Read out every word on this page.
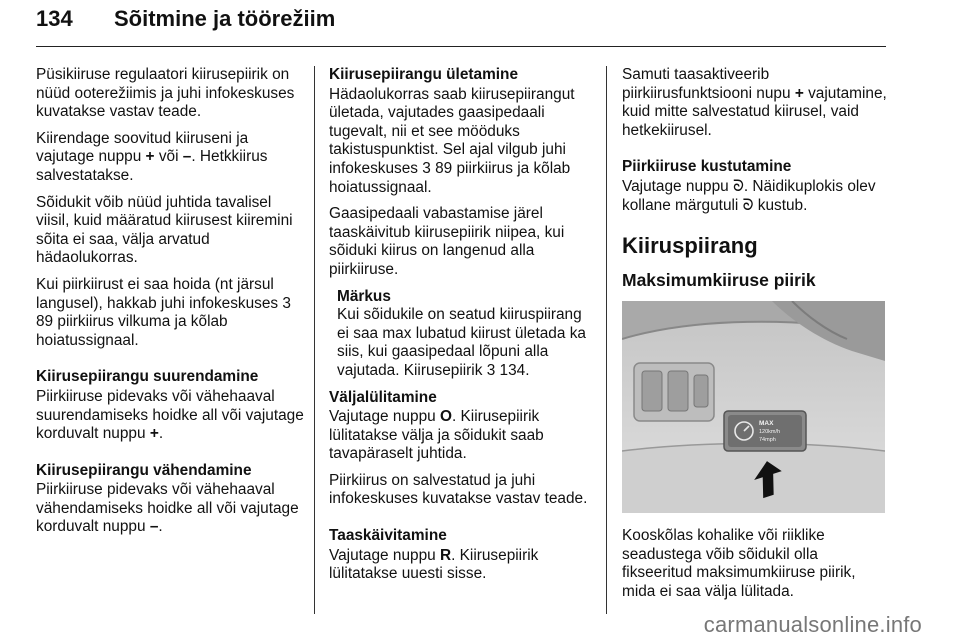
134 Sõitmine ja töörežiim

Püsikiiruse regulaatori kiirusepiirik on nüüd ooterežiimis ja juhi infokeskuses kuvatakse vastav teade.

Kiirendage soovitud kiiruseni ja vajutage nuppu + või –. Hetkkiirus salvestatakse.

Sõidukit võib nüüd juhtida tavalisel viisil, kuid määratud kiirusest kiiremini sõita ei saa, välja arvatud hädaolukorras.

Kui piirkiirust ei saa hoida (nt järsul langusel), hakkab juhi infokeskuses 3 89 piirkiirus vilkuma ja kõlab hoiatussignaal.

Kiirusepiirangu suurendamine

Piirkiiruse pidevaks või vähehaaval suurendamiseks hoidke all või vajutage korduvalt nuppu +.

Kiirusepiirangu vähendamine

Piirkiiruse pidevaks või vähehaaval vähendamiseks hoidke all või vajutage korduvalt nuppu –.

Kiirusepiirangu ületamine

Hädaolukorras saab kiirusepiirangut ületada, vajutades gaasipedaali tugevalt, nii et see mööduks takistuspunktist. Sel ajal vilgub juhi infokeskuses 3 89 piirkiirus ja kõlab hoiatussignaal.

Gaasipedaali vabastamise järel taaskäivitub kiirusepiirik niipea, kui sõiduki kiirus on langenud alla piirkiiruse.

Märkus
Kui sõidukile on seatud kiiruspiirang ei saa max lubatud kiirust ületada ka siis, kui gaasipedaal lõpuni alla vajutada. Kiirusepiirik 3 134.
Väljalülitamine

Vajutage nuppu O. Kiirusepiirik lülitatakse välja ja sõidukit saab tavapäraselt juhtida.

Piirkiirus on salvestatud ja juhi infokeskuses kuvatakse vastav teade.

Taaskäivitamine

Vajutage nuppu R. Kiirusepiirik lülitatakse uuesti sisse.

Samuti taasaktiveerib piirkiirusfunktsiooni nupu + vajutamine, kuid mitte salvestatud kiirusel, vaid hetkekiirusel.

Piirkiiruse kustutamine

Vajutage nuppu ᘐ. Näidikuplokis olev kollane märgutuli ᘐ kustub.

Kiiruspiirang
Maksimumkiiruse piirik
MAX
120km/h
74mph

Kooskõlas kohalike või riiklike seadustega võib sõidukil olla fikseeritud maksimumkiiruse piirik, mida ei saa välja lülitada.

carmanualsonline.info
